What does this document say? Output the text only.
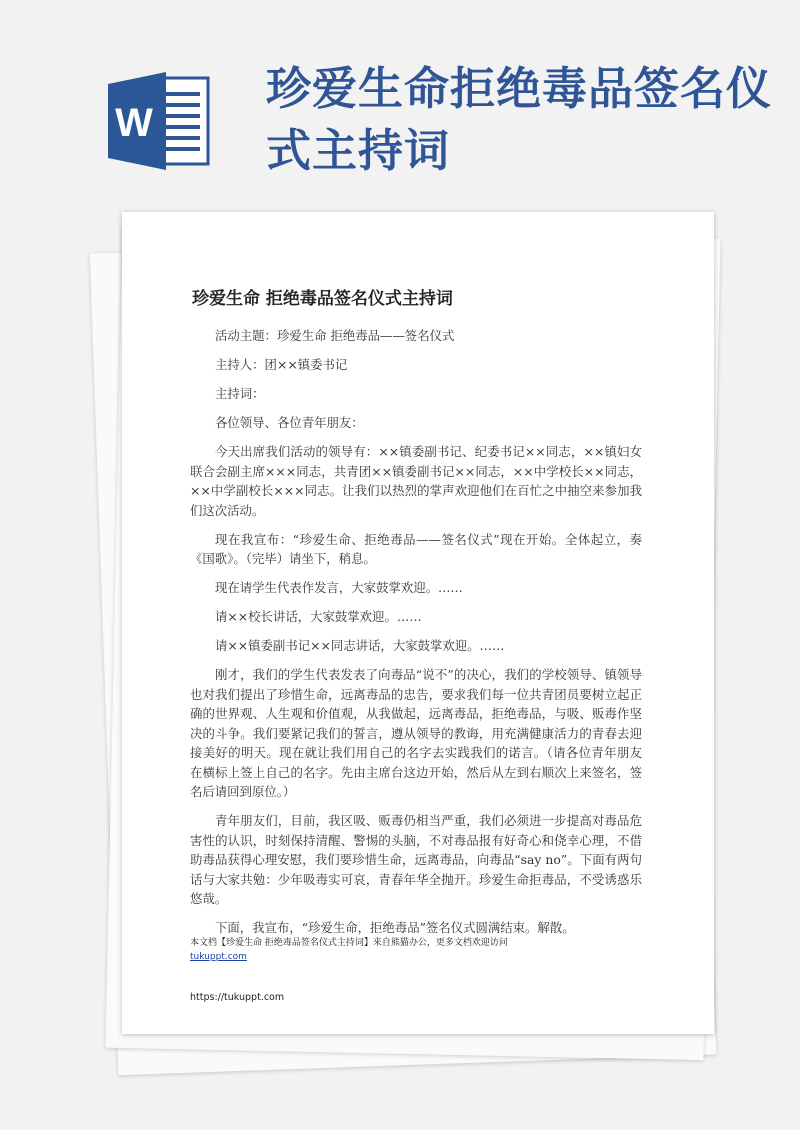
W
珍爱生命拒绝毒品签名仪式主持词
珍爱生命 拒绝毒品签名仪式主持词

活动主题：珍爱生命 拒绝毒品——签名仪式

主持人：团××镇委书记

主持词：

各位领导、各位青年朋友：

今天出席我们活动的领导有：××镇委副书记、纪委书记××同志，××镇妇女联合会副主席×××同志，共青团××镇委副书记××同志，××中学校长××同志，××中学副校长×××同志。让我们以热烈的掌声欢迎他们在百忙之中抽空来参加我们这次活动。

现在我宣布：“珍爱生命、拒绝毒品——签名仪式”现在开始。全体起立，奏《国歌》。（完毕）请坐下，稍息。

现在请学生代表作发言，大家鼓掌欢迎。……

请××校长讲话，大家鼓掌欢迎。……

请××镇委副书记××同志讲话，大家鼓掌欢迎。……

刚才，我们的学生代表发表了向毒品“说不”的决心，我们的学校领导、镇领导也对我们提出了珍惜生命，远离毒品的忠告，要求我们每一位共青团员要树立起正确的世界观、人生观和价值观，从我做起，远离毒品，拒绝毒品，与吸、贩毒作坚决的斗争。我们要紧记我们的誓言，遵从领导的教诲，用充满健康活力的青春去迎接美好的明天。现在就让我们用自己的名字去实践我们的诺言。（请各位青年朋友在横标上签上自己的名字。先由主席台这边开始，然后从左到右顺次上来签名，签名后请回到原位。）

青年朋友们，目前，我区吸、贩毒仍相当严重，我们必须进一步提高对毒品危害性的认识，时刻保持清醒、警惕的头脑，不对毒品报有好奇心和侥幸心理，不借助毒品获得心理安慰，我们要珍惜生命，远离毒品，向毒品“say no”。下面有两句话与大家共勉：少年吸毒实可哀，青春年华全抛开。珍爱生命拒毒品，不受诱惑乐悠哉。

下面，我宣布，“珍爱生命，拒绝毒品”签名仪式圆满结束。解散。

本文档【珍爱生命 拒绝毒品签名仪式主持词】来自熊猫办公，更多文档欢迎访问
tukuppt.com
https://tukuppt.com
